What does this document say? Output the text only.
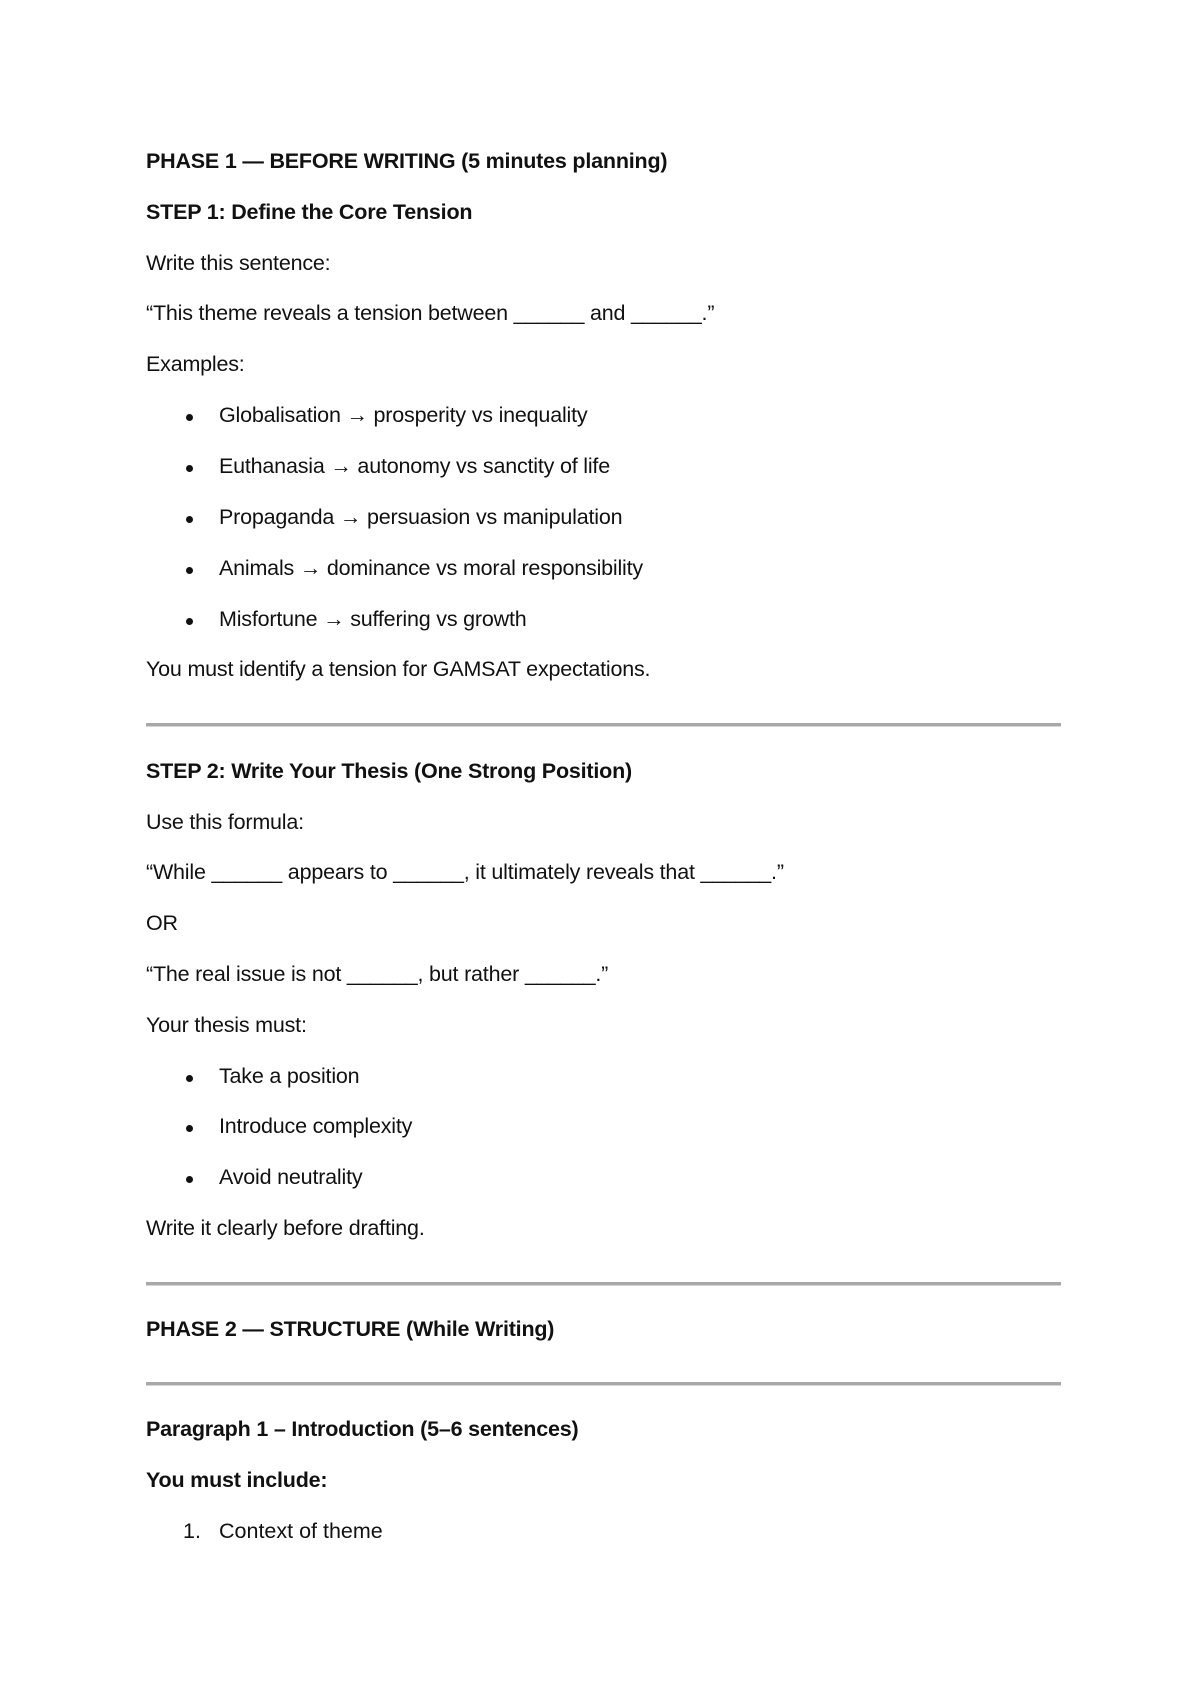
PHASE 1 — BEFORE WRITING (5 minutes planning)
STEP 1: Define the Core Tension
Write this sentence:
“This theme reveals a tension between ______ and ______.”
Examples:
Globalisation → prosperity vs inequality
Euthanasia → autonomy vs sanctity of life
Propaganda → persuasion vs manipulation
Animals → dominance vs moral responsibility
Misfortune → suffering vs growth
You must identify a tension for GAMSAT expectations.
STEP 2: Write Your Thesis (One Strong Position)
Use this formula:
“While ______ appears to ______, it ultimately reveals that ______.”
OR
“The real issue is not ______, but rather ______.”
Your thesis must:
Take a position
Introduce complexity
Avoid neutrality
Write it clearly before drafting.
PHASE 2 — STRUCTURE (While Writing)
Paragraph 1 – Introduction (5–6 sentences)
You must include:
1. Context of theme
